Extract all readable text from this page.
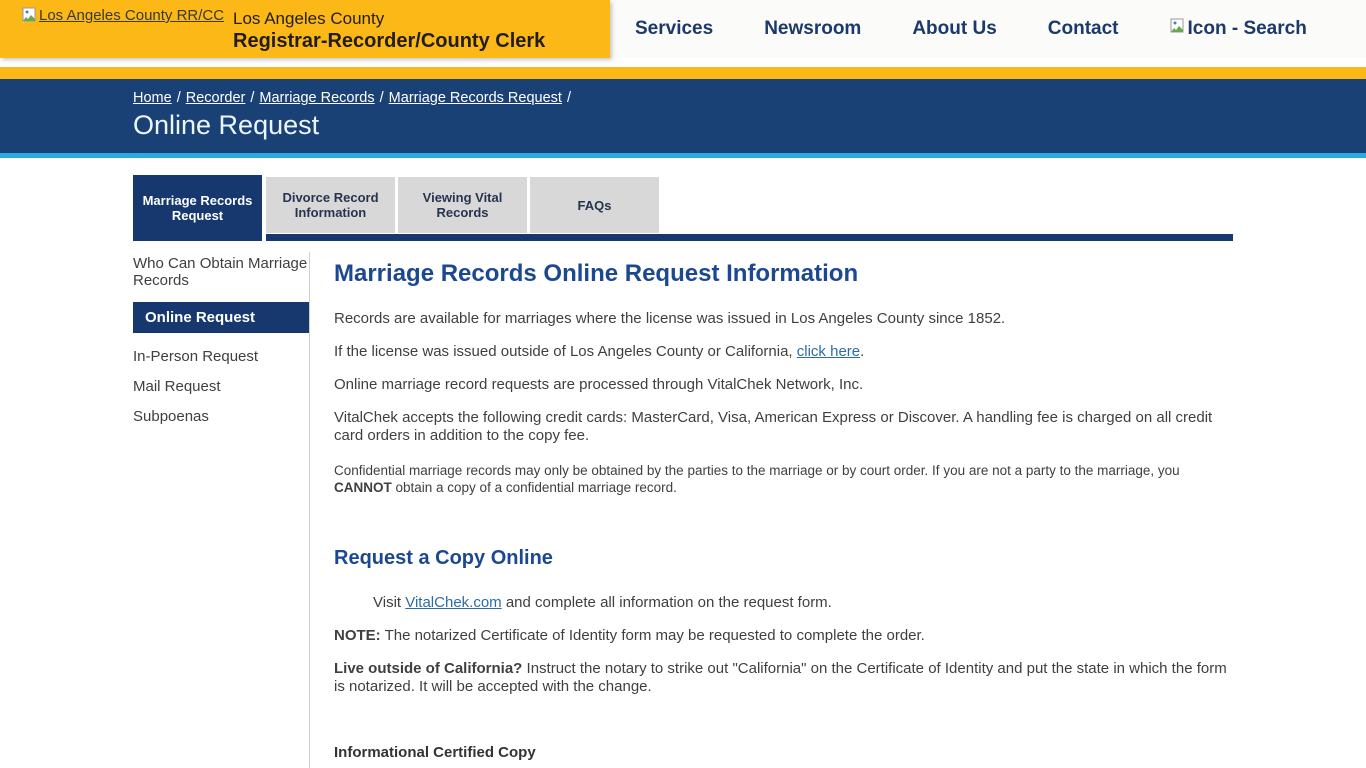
Los Angeles County RR/CC Los Angeles County
Registrar-Recorder/County Clerk
Services	Newsroom	About Us	Contact	Icon - Search
Home / Recorder / Marriage Records / Marriage Records Request /
Online Request
Marriage Records Request
Divorce Record Information
Viewing Vital Records	FAQs
Who Can Obtain Marriage Records
Online Request
In-Person Request
Mail Request
Subpoenas
Marriage Records Online Request Information

Records are available for marriages where the license was issued in Los Angeles County since 1852.

If the license was issued outside of Los Angeles County or California, click here.

Online marriage record requests are processed through VitalChek Network, Inc.

VitalChek accepts the following credit cards: MasterCard, Visa, American Express or Discover. A handling fee is charged on all credit card orders in addition to the copy fee.

Confidential marriage records may only be obtained by the parties to the marriage or by court order. If you are not a party to the marriage, you CANNOT obtain a copy of a confidential marriage record.

Request a Copy Online

Visit VitalChek.com and complete all information on the request form.

NOTE: The notarized Certificate of Identity form may be requested to complete the order.

Live outside of California? Instruct the notary to strike out "California" on the Certificate of Identity and put the state in which the form is notarized. It will be accepted with the change.

Informational Certified Copy
